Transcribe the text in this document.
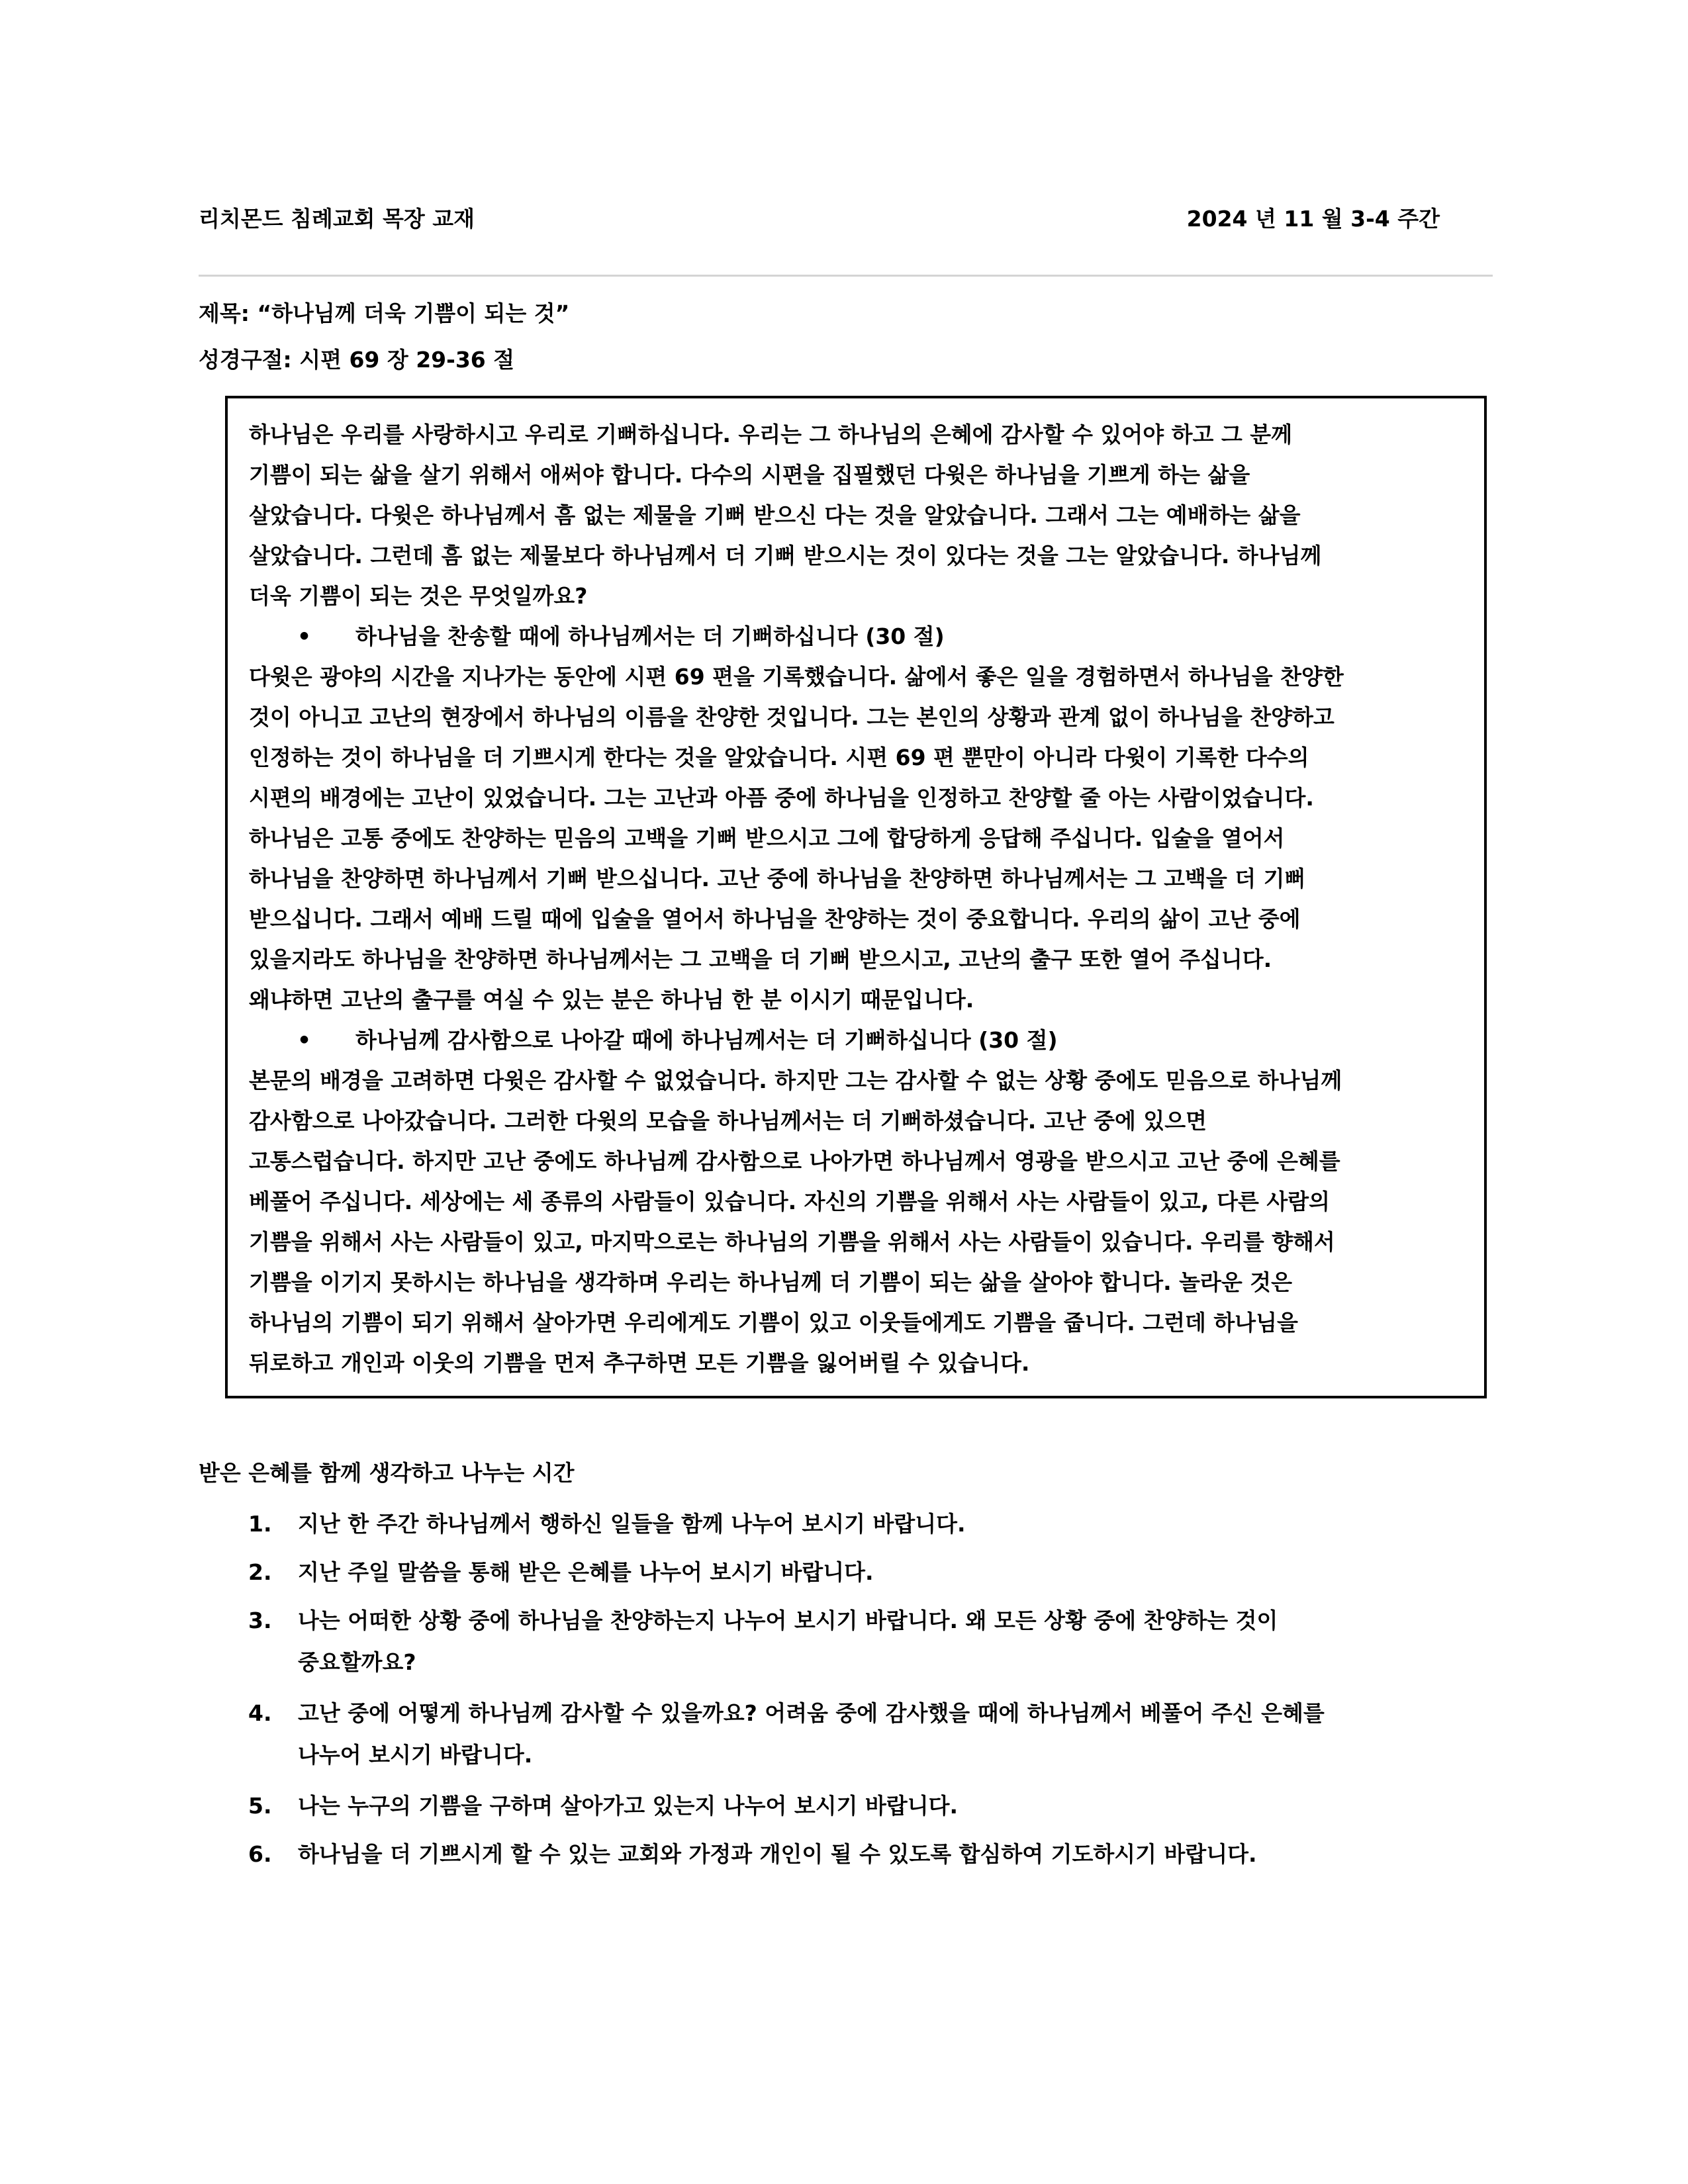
리치몬드 침례교회 목장 교재	2024 년 11 월 3-4 주간
제목: “하나님께 더욱 기쁨이 되는 것”
성경구절: 시편 69 장 29-36 절
하나님은 우리를 사랑하시고 우리로 기뻐하십니다. 우리는 그 하나님의 은혜에 감사할 수 있어야 하고 그 분께
기쁨이 되는 삶을 살기 위해서 애써야 합니다. 다수의 시편을 집필했던 다윗은 하나님을 기쁘게 하는 삶을
살았습니다. 다윗은 하나님께서 흠 없는 제물을 기뻐 받으신 다는 것을 알았습니다. 그래서 그는 예배하는 삶을
살았습니다. 그런데 흠 없는 제물보다 하나님께서 더 기뻐 받으시는 것이 있다는 것을 그는 알았습니다. 하나님께
더욱 기쁨이 되는 것은 무엇일까요?
•	하나님을 찬송할 때에 하나님께서는 더 기뻐하십니다 (30 절)
다윗은 광야의 시간을 지나가는 동안에 시편 69 편을 기록했습니다. 삶에서 좋은 일을 경험하면서 하나님을 찬양한
것이 아니고 고난의 현장에서 하나님의 이름을 찬양한 것입니다. 그는 본인의 상황과 관계 없이 하나님을 찬양하고
인정하는 것이 하나님을 더 기쁘시게 한다는 것을 알았습니다. 시편 69 편 뿐만이 아니라 다윗이 기록한 다수의
시편의 배경에는 고난이 있었습니다. 그는 고난과 아픔 중에 하나님을 인정하고 찬양할 줄 아는 사람이었습니다.
하나님은 고통 중에도 찬양하는 믿음의 고백을 기뻐 받으시고 그에 합당하게 응답해 주십니다. 입술을 열어서
하나님을 찬양하면 하나님께서 기뻐 받으십니다. 고난 중에 하나님을 찬양하면 하나님께서는 그 고백을 더 기뻐
받으십니다. 그래서 예배 드릴 때에 입술을 열어서 하나님을 찬양하는 것이 중요합니다. 우리의 삶이 고난 중에
있을지라도 하나님을 찬양하면 하나님께서는 그 고백을 더 기뻐 받으시고, 고난의 출구 또한 열어 주십니다.
왜냐하면 고난의 출구를 여실 수 있는 분은 하나님 한 분 이시기 때문입니다.
•	하나님께 감사함으로 나아갈 때에 하나님께서는 더 기뻐하십니다 (30 절)
본문의 배경을 고려하면 다윗은 감사할 수 없었습니다. 하지만 그는 감사할 수 없는 상황 중에도 믿음으로 하나님께
감사함으로 나아갔습니다. 그러한 다윗의 모습을 하나님께서는 더 기뻐하셨습니다. 고난 중에 있으면
고통스럽습니다. 하지만 고난 중에도 하나님께 감사함으로 나아가면 하나님께서 영광을 받으시고 고난 중에 은혜를
베풀어 주십니다. 세상에는 세 종류의 사람들이 있습니다. 자신의 기쁨을 위해서 사는 사람들이 있고, 다른 사람의
기쁨을 위해서 사는 사람들이 있고, 마지막으로는 하나님의 기쁨을 위해서 사는 사람들이 있습니다. 우리를 향해서
기쁨을 이기지 못하시는 하나님을 생각하며 우리는 하나님께 더 기쁨이 되는 삶을 살아야 합니다. 놀라운 것은
하나님의 기쁨이 되기 위해서 살아가면 우리에게도 기쁨이 있고 이웃들에게도 기쁨을 줍니다. 그런데 하나님을
뒤로하고 개인과 이웃의 기쁨을 먼저 추구하면 모든 기쁨을 잃어버릴 수 있습니다.
받은 은혜를 함께 생각하고 나누는 시간
1. 지난 한 주간 하나님께서 행하신 일들을 함께 나누어 보시기 바랍니다.
2. 지난 주일 말씀을 통해 받은 은혜를 나누어 보시기 바랍니다.
3. 나는 어떠한 상황 중에 하나님을 찬양하는지 나누어 보시기 바랍니다. 왜 모든 상황 중에 찬양하는 것이
중요할까요?
4. 고난 중에 어떻게 하나님께 감사할 수 있을까요? 어려움 중에 감사했을 때에 하나님께서 베풀어 주신 은혜를
나누어 보시기 바랍니다.
5. 나는 누구의 기쁨을 구하며 살아가고 있는지 나누어 보시기 바랍니다.
6. 하나님을 더 기쁘시게 할 수 있는 교회와 가정과 개인이 될 수 있도록 합심하여 기도하시기 바랍니다.
